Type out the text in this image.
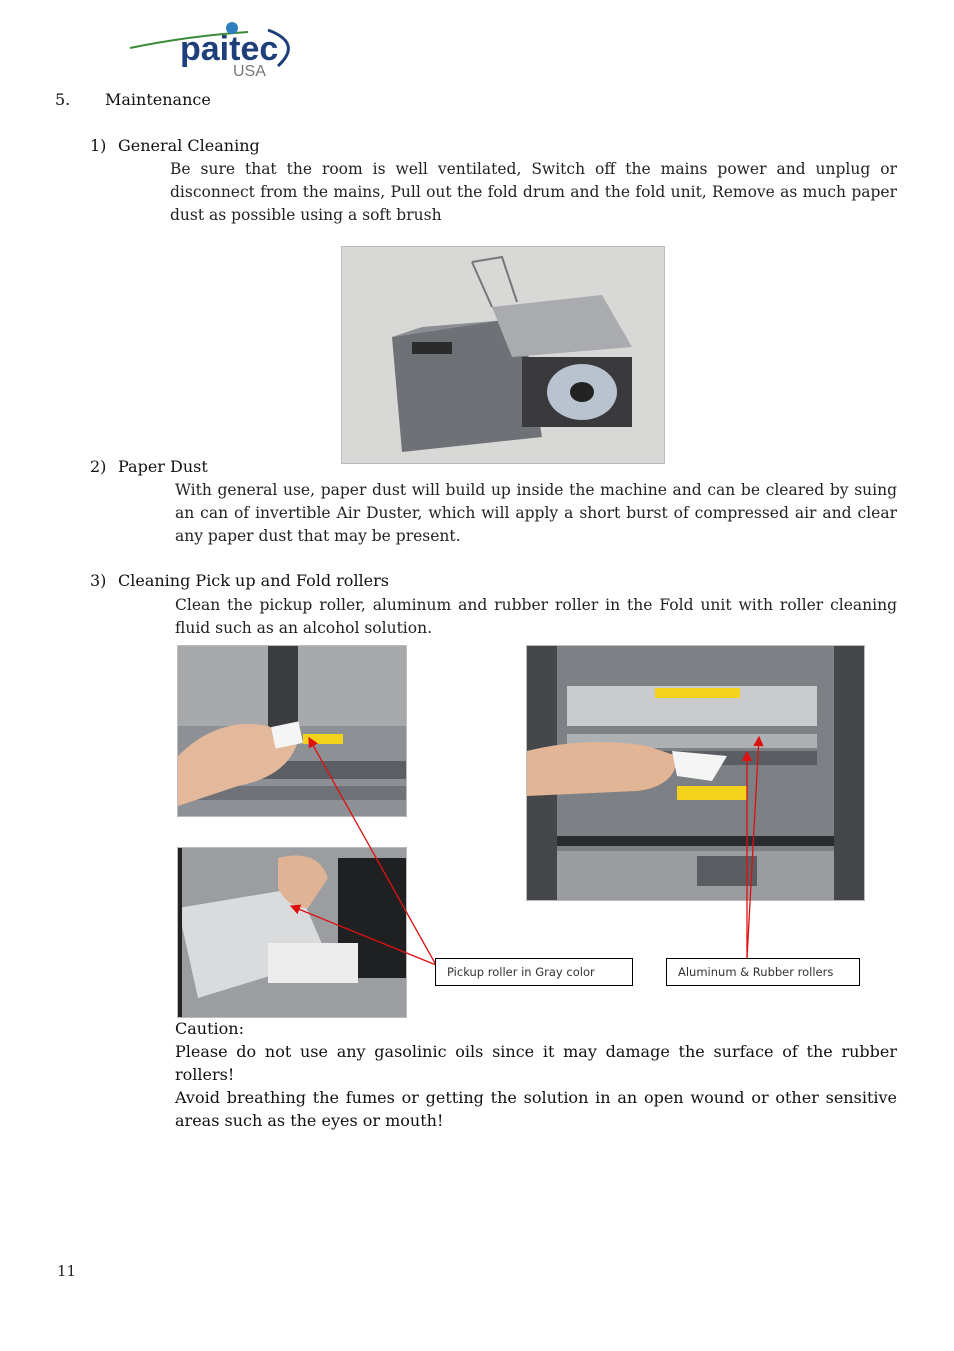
paitec
USA
5. Maintenance
1) General Cleaning
Be sure that the room is well ventilated, Switch off the mains power and unplug or disconnect from the mains, Pull out the fold drum and the fold unit, Remove as much paper dust as possible using a soft brush
2) Paper Dust
With general use, paper dust will build up inside the machine and can be cleared by suing an can of invertible Air Duster, which will apply a short burst of compressed air and clear any paper dust that may be present.
3) Cleaning Pick up and Fold rollers
Clean the pickup roller, aluminum and rubber roller in the Fold unit with roller cleaning fluid such as an alcohol solution.
Pickup roller in Gray color	Aluminum & Rubber rollers
Caution:
Please do not use any gasolinic oils since it may damage the surface of the rubber rollers!
Avoid breathing the fumes or getting the solution in an open wound or other sensitive areas such as the eyes or mouth!
11
